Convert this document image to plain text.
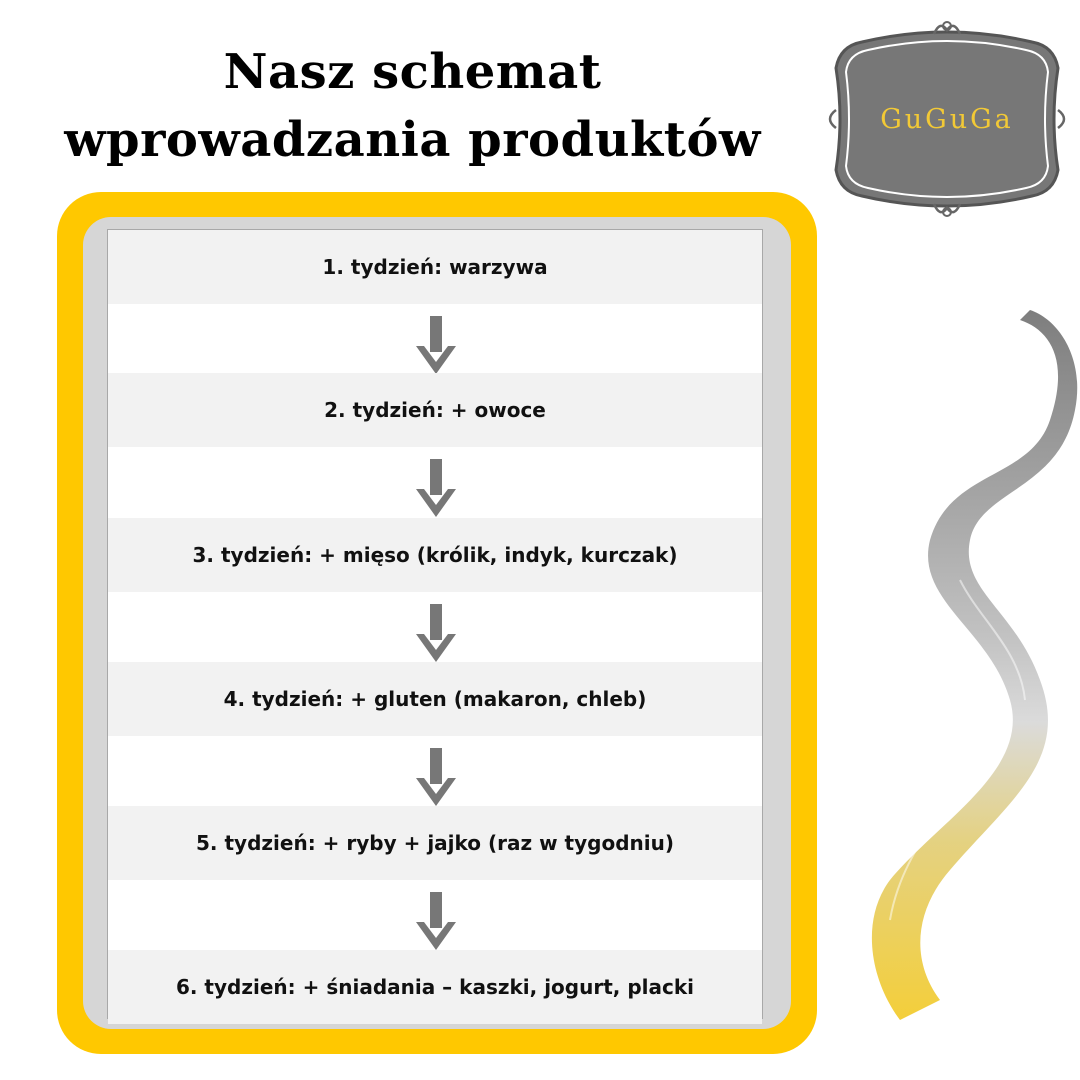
Nasz schemat
wprowadzania produktów	GuGuGa
1. tydzień: warzywa
2. tydzień: + owoce
3. tydzień: + mięso (królik, indyk, kurczak)
4. tydzień: + gluten (makaron, chleb)
5. tydzień: + ryby + jajko (raz w tygodniu)
6. tydzień: + śniadania – kaszki, jogurt, placki
